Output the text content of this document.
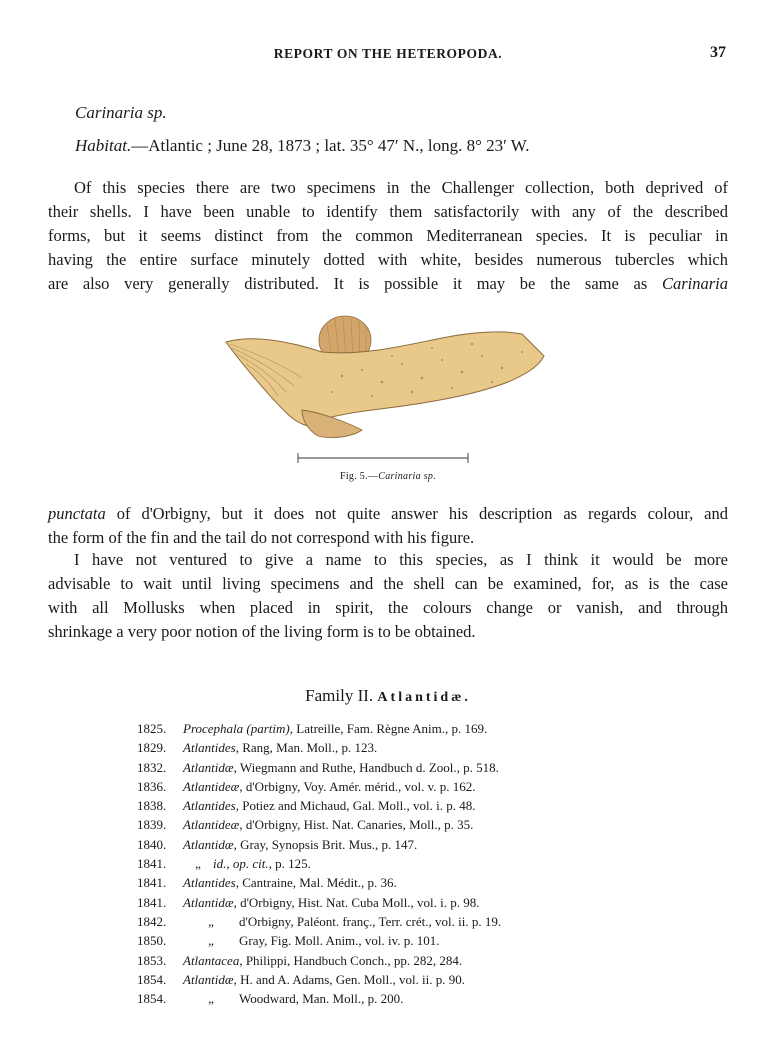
REPORT ON THE HETEROPODA.	37
Carinaria sp.
Habitat.—Atlantic ; June 28, 1873 ; lat. 35° 47′ N., long. 8° 23′ W.

Of this species there are two specimens in the Challenger collection, both deprived of
their shells. I have been unable to identify them satisfactorily with any of the described
forms, but it seems distinct from the common Mediterranean species. It is peculiar in
having the entire surface minutely dotted with white, besides numerous tubercles which
are also very generally distributed. It is possible it may be the same as Carinaria

Fig. 5.—Carinaria sp.

punctata of d'Orbigny, but it does not quite answer his description as regards colour, and
the form of the fin and the tail do not correspond with his figure.

I have not ventured to give a name to this species, as I think it would be more
advisable to wait until living specimens and the shell can be examined, for, as is the case
with all Mollusks when placed in spirit, the colours change or vanish, and through
shrinkage a very poor notion of the living form is to be obtained.

Family II. Atlantidæ.
1825.	Procephala (partim) , Latreille, Fam. Règne Anim., p. 169.
1829.	Atlantides , Rang, Man. Moll., p. 123.
1832.	Atlantidæ , Wiegmann and Ruthe, Handbuch d. Zool., p. 518.
1836.	Atlantideæ , d'Orbigny, Voy. Amér. mérid., vol. v. p. 162.
1838.	Atlantides , Potiez and Michaud, Gal. Moll., vol. i. p. 48.
1839.	Atlantideæ , d'Orbigny, Hist. Nat. Canaries, Moll., p. 35.
1840.	Atlantidæ , Gray, Synopsis Brit. Mus., p. 147.
1841.	„ id., op. cit. , p. 125.
1841.	Atlantides , Cantraine, Mal. Médit., p. 36.
1841.	Atlantidæ , d'Orbigny, Hist. Nat. Cuba Moll., vol. i. p. 98.
1842.	„	d'Orbigny, Paléont. franç., Terr. crét., vol. ii. p. 19.
1850.	„	Gray, Fig. Moll. Anim., vol. iv. p. 101.
1853.	Atlantacea , Philippi, Handbuch Conch., pp. 282, 284.
1854.	Atlantidæ , H. and A. Adams, Gen. Moll., vol. ii. p. 90.
1854.	„	Woodward, Man. Moll., p. 200.
